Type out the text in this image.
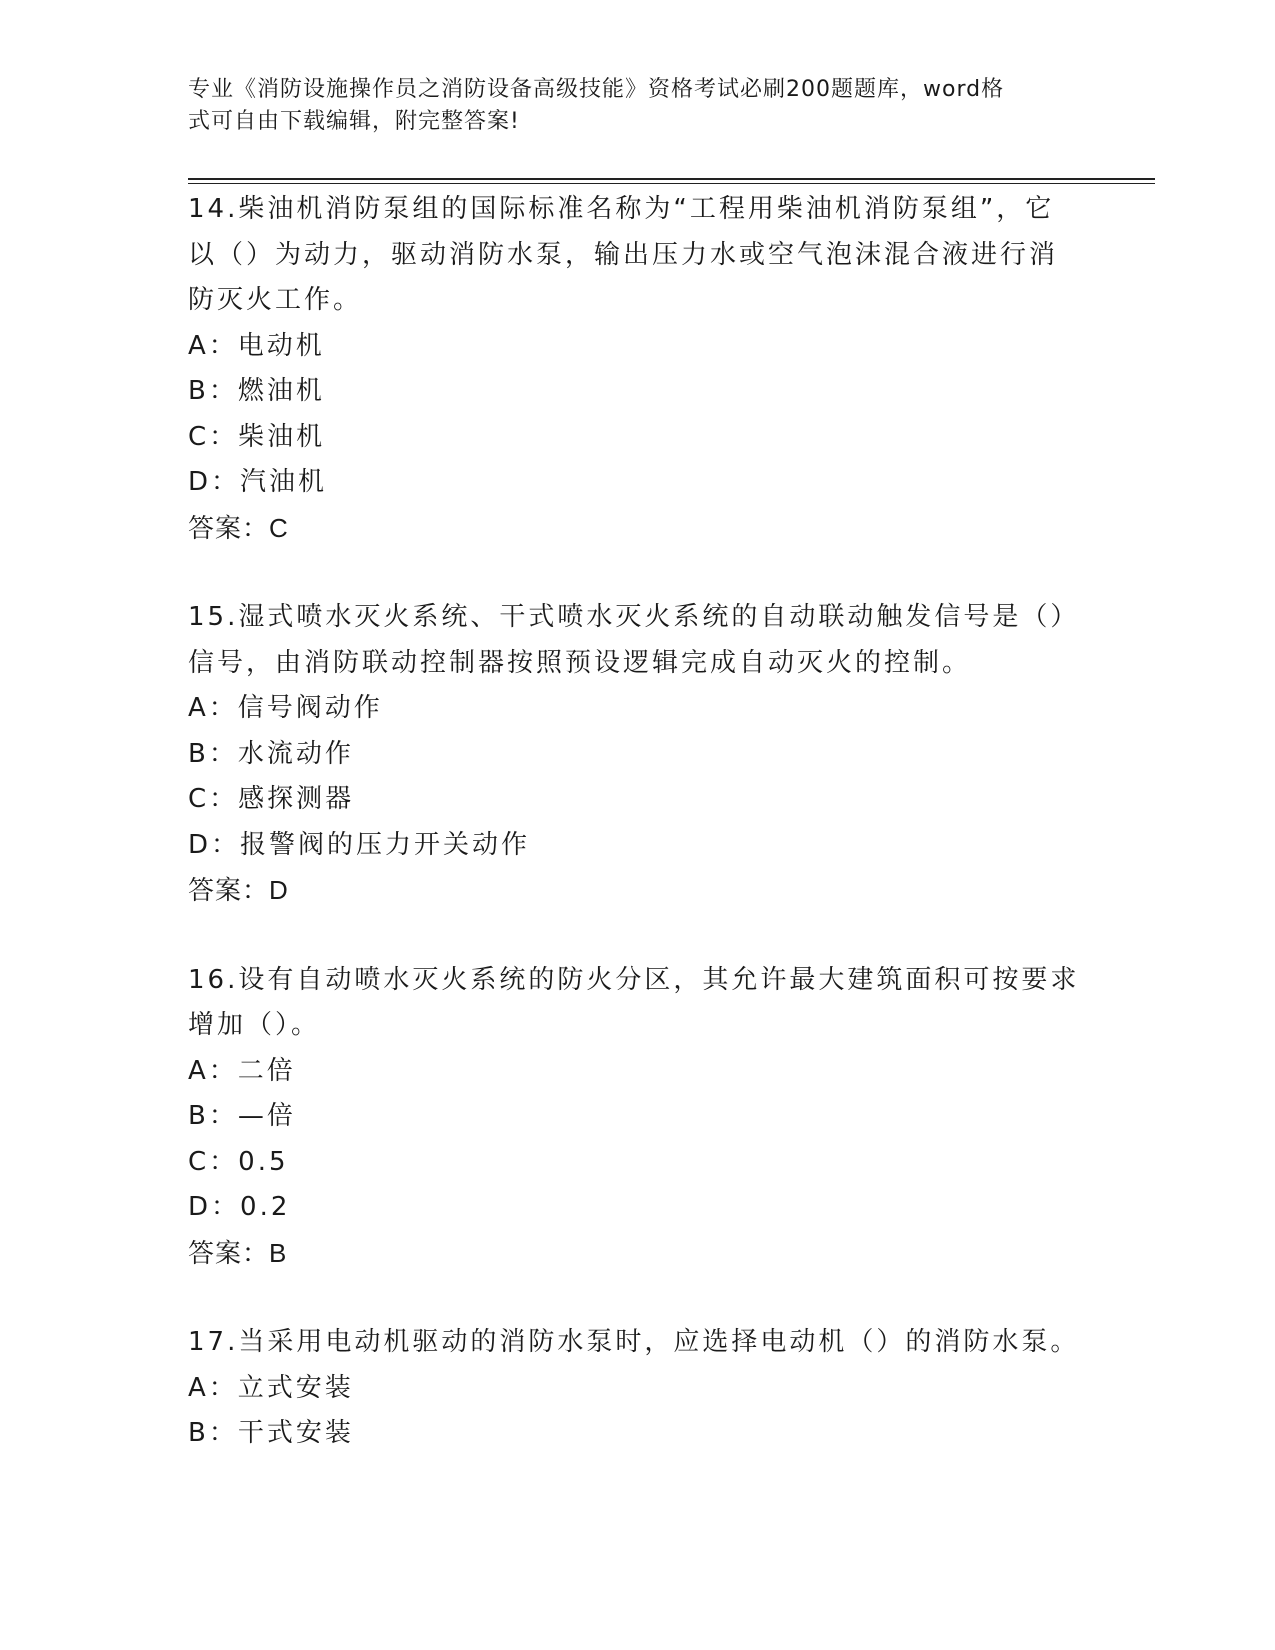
专业《消防设施操作员之消防设备高级技能》资格考试必刷200题题库，word格
式可自由下载编辑，附完整答案!

14.柴油机消防泵组的国际标准名称为“工程用柴油机消防泵组”，它

以（）为动力，驱动消防水泵，输出压力水或空气泡沫混合液进行消

防灭火工作。

A：电动机

B：燃油机

C：柴油机

D：汽油机

答案：C

15.湿式喷水灭火系统、干式喷水灭火系统的自动联动触发信号是（）

信号，由消防联动控制器按照预设逻辑完成自动灭火的控制。

A：信号阀动作

B：水流动作

C：感探测器

D：报警阀的压力开关动作

答案：D

16.设有自动喷水灭火系统的防火分区，其允许最大建筑面积可按要求

增加（）。

A：二倍

B：—倍

C：0.5

D：0.2

答案：B

17.当采用电动机驱动的消防水泵时，应选择电动机（）的消防水泵。

A：立式安装

B：干式安装
